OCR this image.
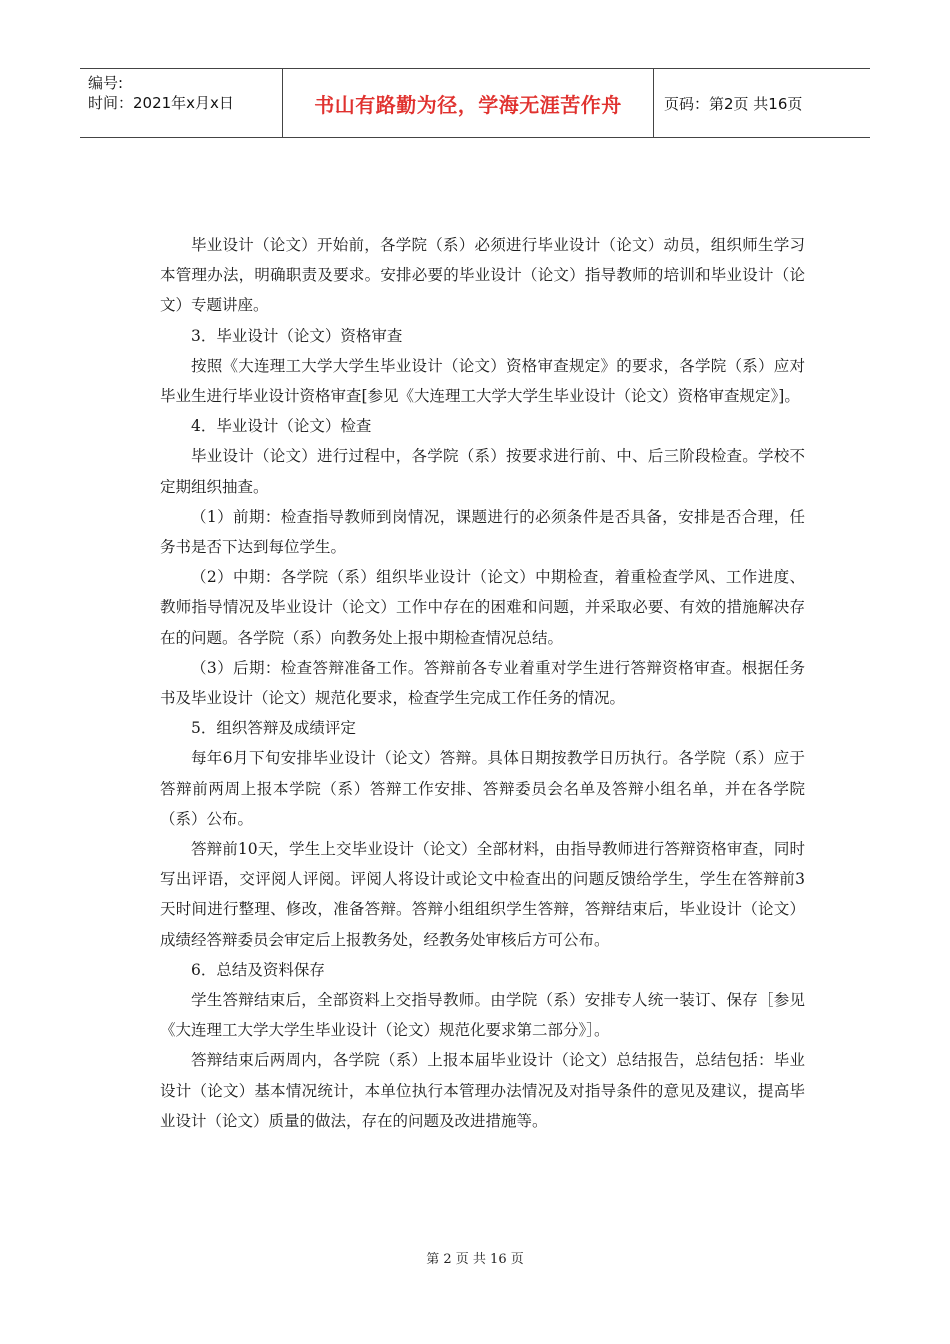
编号:
时间：2021年x月x日	书山有路勤为径，学海无涯苦作舟	页码：第2页 共16页

毕业设计（论文）开始前，各学院（系）必须进行毕业设计（论文）动员，组织师生学习本管理办法，明确职责及要求。安排必要的毕业设计（论文）指导教师的培训和毕业设计（论文）专题讲座。

3．毕业设计（论文）资格审查

按照《大连理工大学大学生毕业设计（论文）资格审查规定》的要求，各学院（系）应对毕业生进行毕业设计资格审查[参见《大连理工大学大学生毕业设计（论文）资格审查规定》]。

4．毕业设计（论文）检查

毕业设计（论文）进行过程中，各学院（系）按要求进行前、中、后三阶段检查。学校不定期组织抽查。

（1）前期：检查指导教师到岗情况，课题进行的必须条件是否具备，安排是否合理，任务书是否下达到每位学生。

（2）中期：各学院（系）组织毕业设计（论文）中期检查，着重检查学风、工作进度、教师指导情况及毕业设计（论文）工作中存在的困难和问题，并采取必要、有效的措施解决存在的问题。各学院（系）向教务处上报中期检查情况总结。

（3）后期：检查答辩准备工作。答辩前各专业着重对学生进行答辩资格审查。根据任务书及毕业设计（论文）规范化要求，检查学生完成工作任务的情况。

5．组织答辩及成绩评定

每年6月下旬安排毕业设计（论文）答辩。具体日期按教学日历执行。各学院（系）应于答辩前两周上报本学院（系）答辩工作安排、答辩委员会名单及答辩小组名单，并在各学院（系）公布。

答辩前10天，学生上交毕业设计（论文）全部材料，由指导教师进行答辩资格审查，同时写出评语，交评阅人评阅。评阅人将设计或论文中检查出的问题反馈给学生，学生在答辩前3天时间进行整理、修改，准备答辩。答辩小组组织学生答辩，答辩结束后，毕业设计（论文）成绩经答辩委员会审定后上报教务处，经教务处审核后方可公布。

6．总结及资料保存

学生答辩结束后，全部资料上交指导教师。由学院（系）安排专人统一装订、保存［参见《大连理工大学大学生毕业设计（论文）规范化要求第二部分》］。

答辩结束后两周内，各学院（系）上报本届毕业设计（论文）总结报告，总结包括：毕业设计（论文）基本情况统计，本单位执行本管理办法情况及对指导条件的意见及建议，提高毕业设计（论文）质量的做法，存在的问题及改进措施等。

第 2 页 共 16 页
